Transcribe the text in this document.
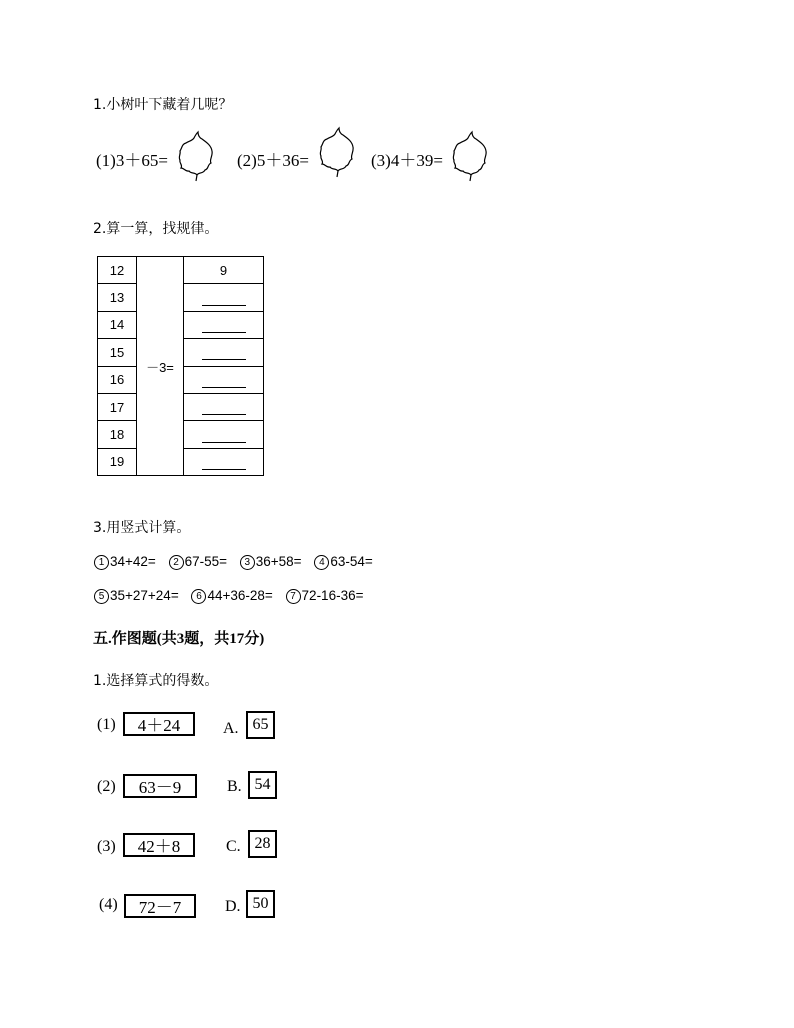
1.小树叶下藏着几呢？
(1)3＋65=	(2)5＋36=	(3)4＋39=
2.算一算，找规律。
12	－3=	9
13		
14		
15		
16		
17		
18		
19		
3.用竖式计算。
1 34+42= 2 67-55= 3 36+58= 4 63-54=
5 35+27+24= 6 44+36-28= 7 72-16-36=
五.作图题(共3题，共17分)
1.选择算式的得数。
(1)	4＋24	A. 65
(2)	63－9	B. 54
(3)	42＋8	C. 28
(4)	72－7	D. 50
